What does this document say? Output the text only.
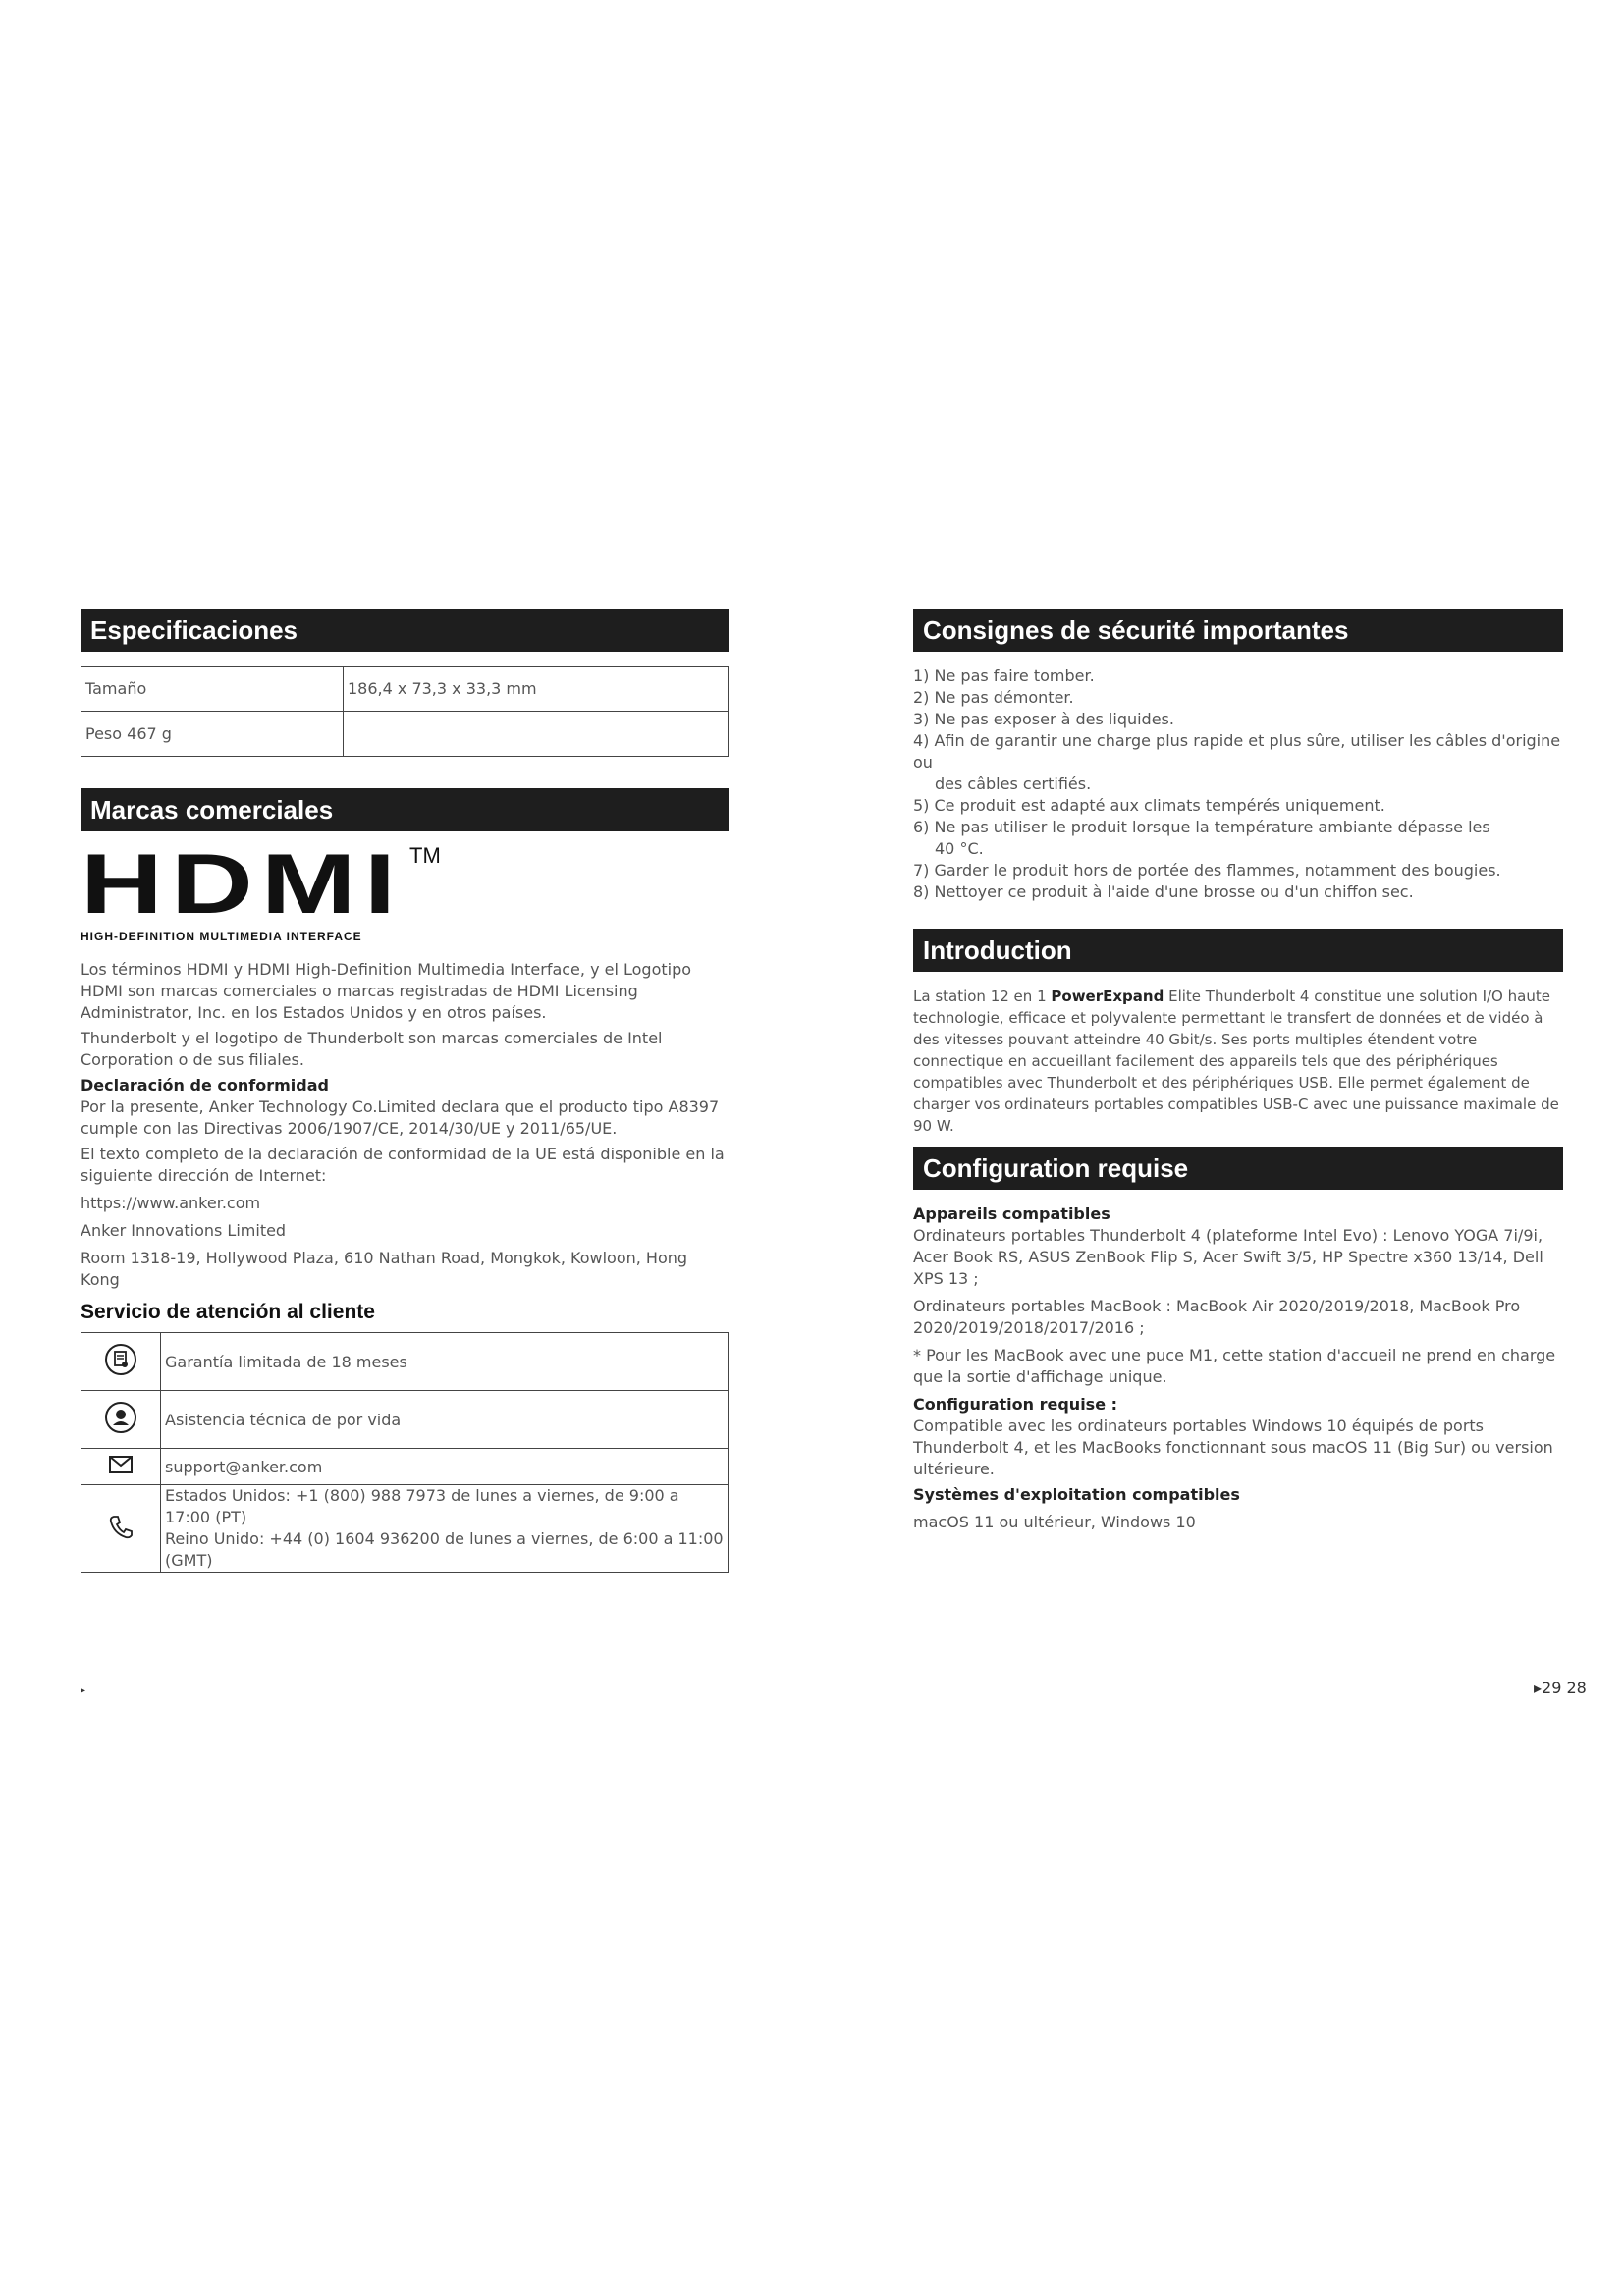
Especificaciones
Tamaño	186,4 x 73,3 x 33,3 mm
Peso 467 g	
Marcas comerciales
HDMI TM
HIGH-DEFINITION MULTIMEDIA INTERFACE

Los términos HDMI y HDMI High-Definition Multimedia Interface, y el Logotipo HDMI son marcas comerciales o marcas registradas de HDMI Licensing Administrator, Inc. en los Estados Unidos y en otros países.

Thunderbolt y el logotipo de Thunderbolt son marcas comerciales de Intel Corporation o de sus filiales.

Declaración de conformidad

Por la presente, Anker Technology Co.Limited declara que el producto tipo A8397 cumple con las Directivas 2006/1907/CE, 2014/30/UE y 2011/65/UE.

El texto completo de la declaración de conformidad de la UE está disponible en la siguiente dirección de Internet:

https://www.anker.com

Anker Innovations Limited

Room 1318-19, Hollywood Plaza, 610 Nathan Road, Mongkok, Kowloon, Hong Kong

Servicio de atención al cliente
	Garantía limitada de 18 meses
	Asistencia técnica de por vida
	support@anker.com

Estados Unidos: +1 (800) 988 7973 de lunes a viernes, de 9:00 a 17:00 (PT)
Reino Unido: +44 (0) 1604 936200 de lunes a viernes, de 6:00 a 11:00 (GMT)
Consignes de sécurité importantes
1) Ne pas faire tomber.
2) Ne pas démonter.
3) Ne pas exposer à des liquides.
4) Afin de garantir une charge plus rapide et plus sûre, utiliser les câbles d'origine ou
des câbles certifiés.
5) Ce produit est adapté aux climats tempérés uniquement.
6) Ne pas utiliser le produit lorsque la température ambiante dépasse les
40 °C.
7) Garder le produit hors de portée des flammes, notamment des bougies.
8) Nettoyer ce produit à l'aide d'une brosse ou d'un chiffon sec.
Introduction

La station 12 en 1 PowerExpand Elite Thunderbolt 4 constitue une solution I/O haute technologie, efficace et polyvalente permettant le transfert de données et de vidéo à des vitesses pouvant atteindre 40 Gbit/s. Ses ports multiples étendent votre connectique en accueillant facilement des appareils tels que des périphériques compatibles avec Thunderbolt et des périphériques USB. Elle permet également de charger vos ordinateurs portables compatibles USB-C avec une puissance maximale de 90 W.

Configuration requise

Appareils compatibles

Ordinateurs portables Thunderbolt 4 (plateforme Intel Evo) : Lenovo YOGA 7i/9i, Acer Book RS, ASUS ZenBook Flip S, Acer Swift 3/5, HP Spectre x360 13/14, Dell XPS 13 ;

Ordinateurs portables MacBook : MacBook Air 2020/2019/2018, MacBook Pro 2020/2019/2018/2017/2016 ;

* Pour les MacBook avec une puce M1, cette station d'accueil ne prend en charge que la sortie d'affichage unique.

Configuration requise :

Compatible avec les ordinateurs portables Windows 10 équipés de ports Thunderbolt 4, et les MacBooks fonctionnant sous macOS 11 (Big Sur) ou version ultérieure.

Systèmes d'exploitation compatibles

macOS 11 ou ultérieur, Windows 10

▸	▸29 28
